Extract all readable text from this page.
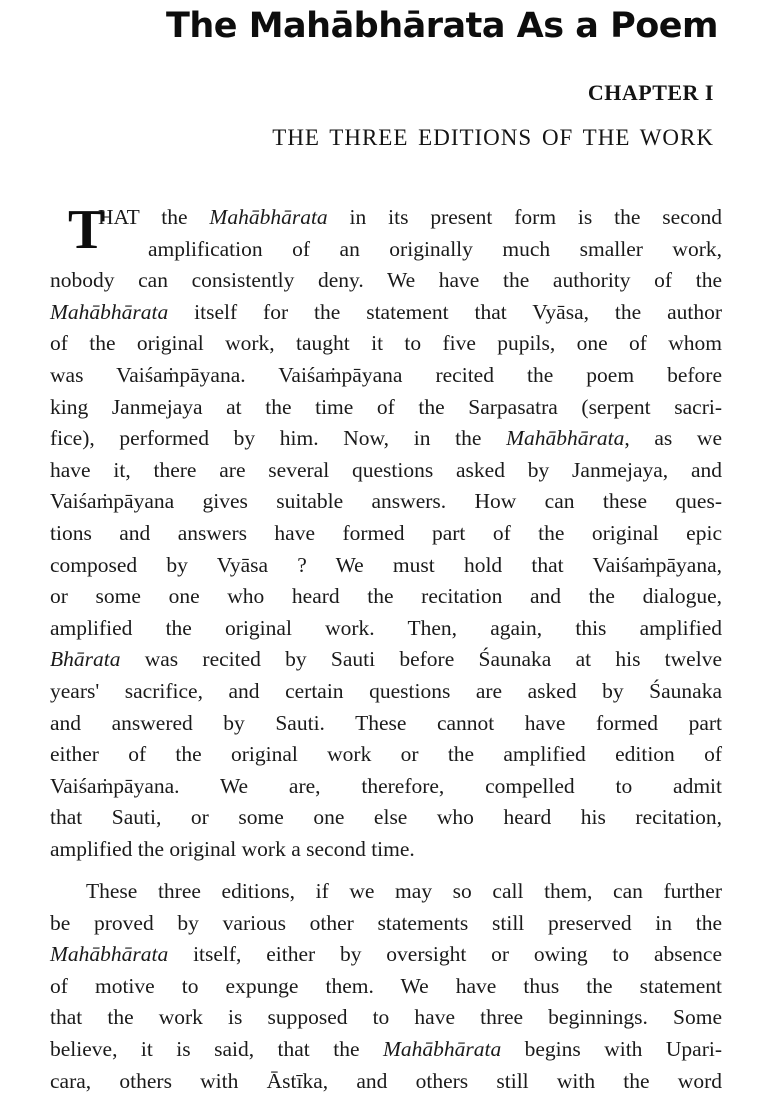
The Mahābhārata As a Poem
CHAPTER I
THE THREE EDITIONS OF THE WORK
T
HAT the Mahābhārata in its present form is the second
amplification of an originally much smaller work,
nobody can consistently deny. We have the authority of the
Mahābhārata itself for the statement that Vyāsa, the author
of the original work, taught it to five pupils, one of whom
was Vaiśaṁpāyana. Vaiśaṁpāyana recited the poem before
king Janmejaya at the time of the Sarpasatra (serpent sacri-
fice), performed by him. Now, in the Mahābhārata, as we
have it, there are several questions asked by Janmejaya, and
Vaiśaṁpāyana gives suitable answers. How can these ques-
tions and answers have formed part of the original epic
composed by Vyāsa ? We must hold that Vaiśaṁpāyana,
or some one who heard the recitation and the dialogue,
amplified the original work. Then, again, this amplified
Bhārata was recited by Sauti before Śaunaka at his twelve
years' sacrifice, and certain questions are asked by Śaunaka
and answered by Sauti. These cannot have formed part
either of the original work or the amplified edition of
Vaiśaṁpāyana. We are, therefore, compelled to admit
that Sauti, or some one else who heard his recitation,
amplified the original work a second time.
These three editions, if we may so call them, can further
be proved by various other statements still preserved in the
Mahābhārata itself, either by oversight or owing to absence
of motive to expunge them. We have thus the statement
that the work is supposed to have three beginnings. Some
believe, it is said, that the Mahābhārata begins with Upari-
cara, others with Āstīka, and others still with the word
